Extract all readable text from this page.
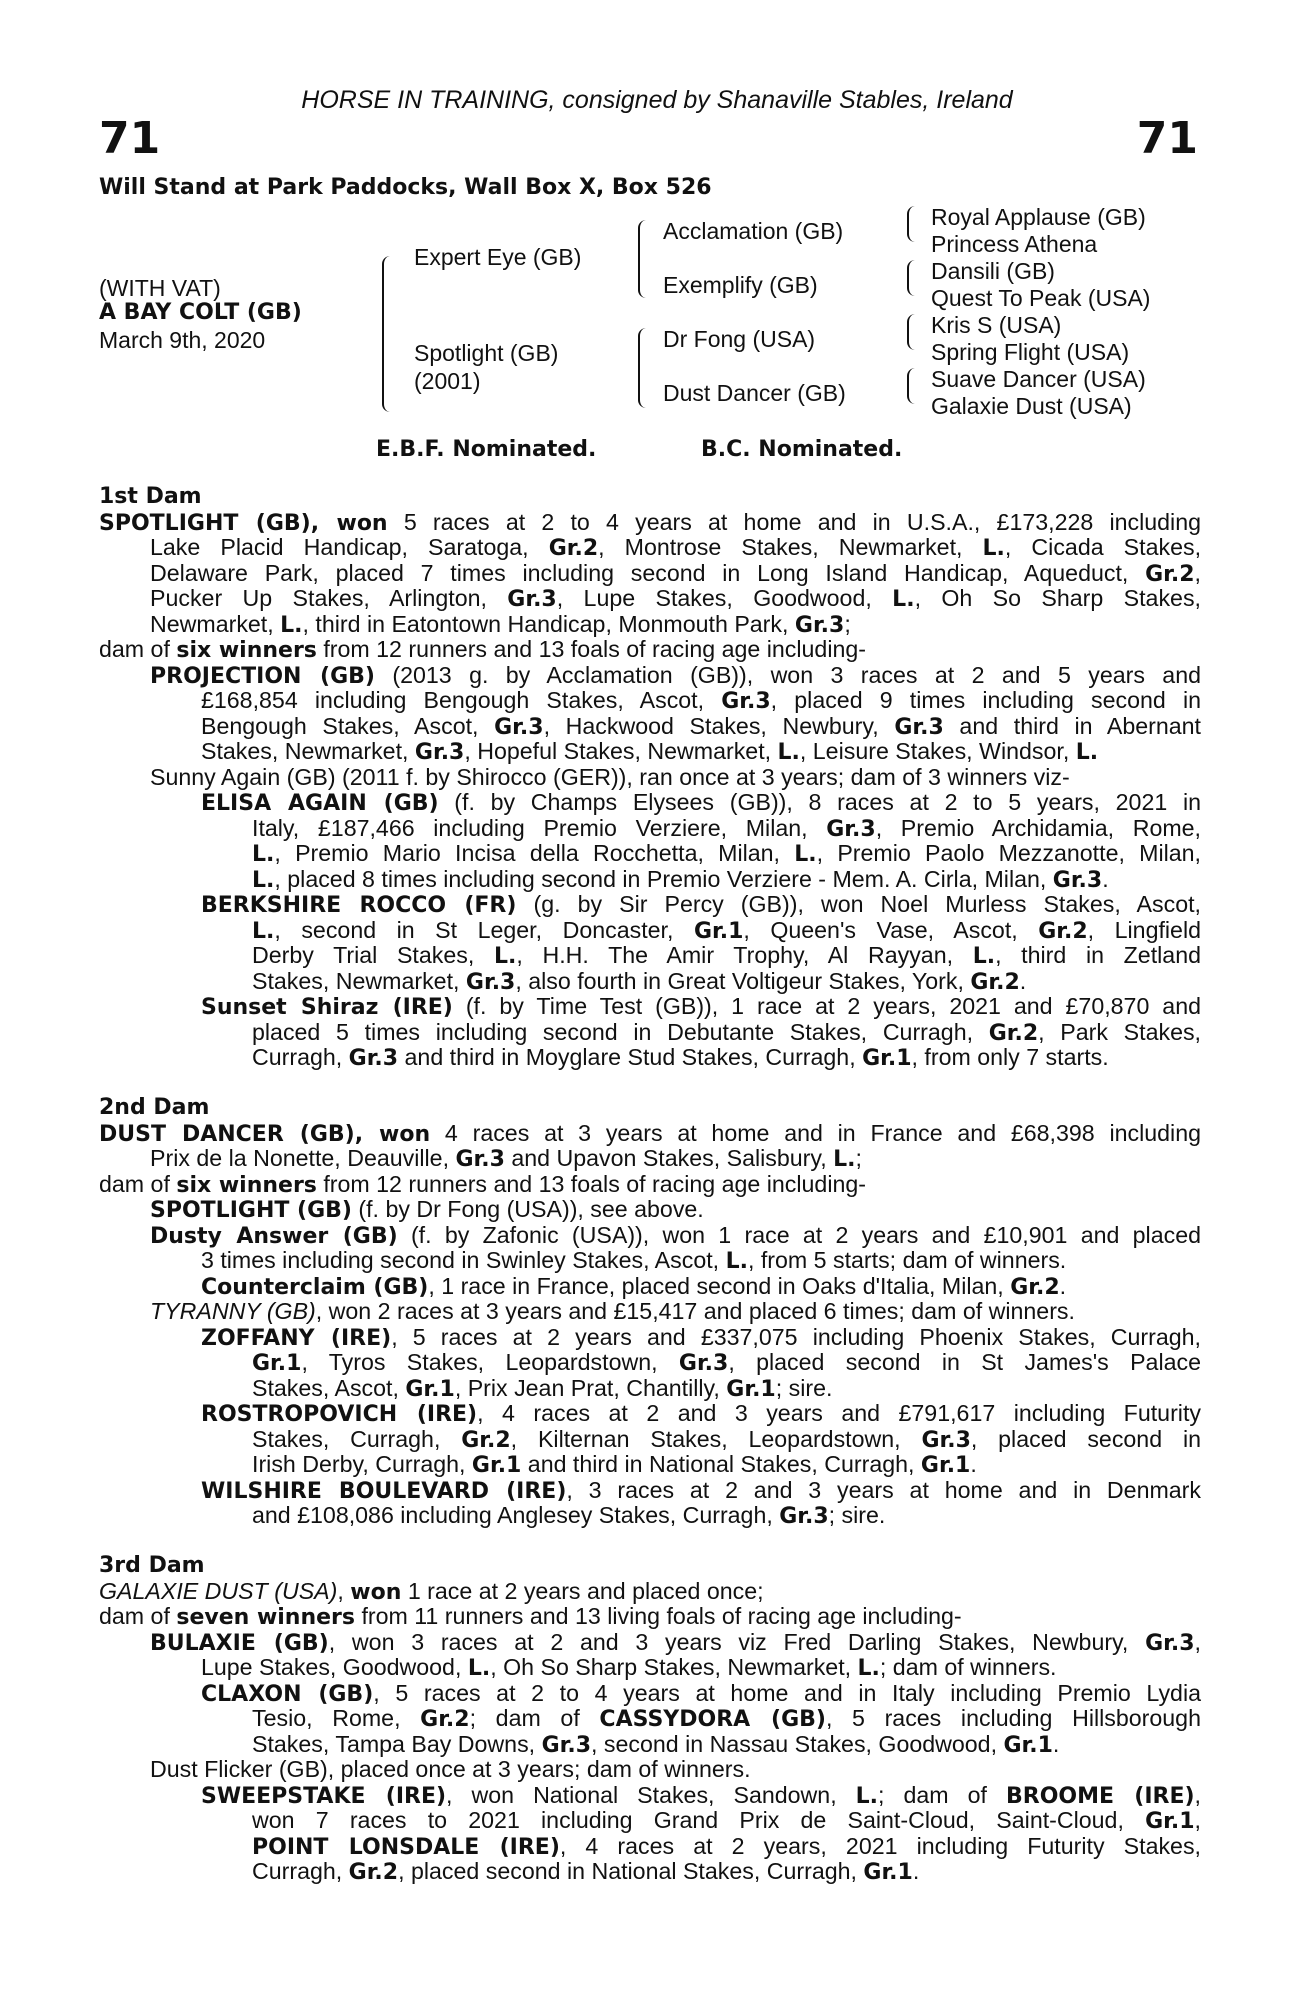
HORSE IN TRAINING, consigned by Shanaville Stables, Ireland
71	71
Will Stand at Park Paddocks, Wall Box X, Box 526
(WITH VAT)
A BAY COLT (GB)
March 9th, 2020
Expert Eye (GB)
Spotlight (GB)
(2001)
Acclamation (GB)
Exemplify (GB)
Dr Fong (USA)
Dust Dancer (GB)
Royal Applause (GB)
Princess Athena
Dansili (GB)
Quest To Peak (USA)
Kris S (USA)
Spring Flight (USA)
Suave Dancer (USA)
Galaxie Dust (USA)
E.B.F. Nominated.	B.C. Nominated.
1st Dam
SPOTLIGHT (GB), won 5 races at 2 to 4 years at home and in U.S.A., £173,228 including
Lake Placid Handicap, Saratoga, Gr.2, Montrose Stakes, Newmarket, L., Cicada Stakes,
Delaware Park, placed 7 times including second in Long Island Handicap, Aqueduct, Gr.2,
Pucker Up Stakes, Arlington, Gr.3, Lupe Stakes, Goodwood, L., Oh So Sharp Stakes,
Newmarket, L., third in Eatontown Handicap, Monmouth Park, Gr.3;
dam of six winners from 12 runners and 13 foals of racing age including-
PROJECTION (GB) (2013 g. by Acclamation (GB)), won 3 races at 2 and 5 years and
£168,854 including Bengough Stakes, Ascot, Gr.3, placed 9 times including second in
Bengough Stakes, Ascot, Gr.3, Hackwood Stakes, Newbury, Gr.3 and third in Abernant
Stakes, Newmarket, Gr.3, Hopeful Stakes, Newmarket, L., Leisure Stakes, Windsor, L.
Sunny Again (GB) (2011 f. by Shirocco (GER)), ran once at 3 years; dam of 3 winners viz-
ELISA AGAIN (GB) (f. by Champs Elysees (GB)), 8 races at 2 to 5 years, 2021 in
Italy, £187,466 including Premio Verziere, Milan, Gr.3, Premio Archidamia, Rome,
L., Premio Mario Incisa della Rocchetta, Milan, L., Premio Paolo Mezzanotte, Milan,
L., placed 8 times including second in Premio Verziere - Mem. A. Cirla, Milan, Gr.3.
BERKSHIRE ROCCO (FR) (g. by Sir Percy (GB)), won Noel Murless Stakes, Ascot,
L., second in St Leger, Doncaster, Gr.1, Queen's Vase, Ascot, Gr.2, Lingfield
Derby Trial Stakes, L., H.H. The Amir Trophy, Al Rayyan, L., third in Zetland
Stakes, Newmarket, Gr.3, also fourth in Great Voltigeur Stakes, York, Gr.2.
Sunset Shiraz (IRE) (f. by Time Test (GB)), 1 race at 2 years, 2021 and £70,870 and
placed 5 times including second in Debutante Stakes, Curragh, Gr.2, Park Stakes,
Curragh, Gr.3 and third in Moyglare Stud Stakes, Curragh, Gr.1, from only 7 starts.
2nd Dam
DUST DANCER (GB), won 4 races at 3 years at home and in France and £68,398 including
Prix de la Nonette, Deauville, Gr.3 and Upavon Stakes, Salisbury, L.;
dam of six winners from 12 runners and 13 foals of racing age including-
SPOTLIGHT (GB) (f. by Dr Fong (USA)), see above.
Dusty Answer (GB) (f. by Zafonic (USA)), won 1 race at 2 years and £10,901 and placed
3 times including second in Swinley Stakes, Ascot, L., from 5 starts; dam of winners.
Counterclaim (GB), 1 race in France, placed second in Oaks d'Italia, Milan, Gr.2.
TYRANNY (GB), won 2 races at 3 years and £15,417 and placed 6 times; dam of winners.
ZOFFANY (IRE), 5 races at 2 years and £337,075 including Phoenix Stakes, Curragh,
Gr.1, Tyros Stakes, Leopardstown, Gr.3, placed second in St James's Palace
Stakes, Ascot, Gr.1, Prix Jean Prat, Chantilly, Gr.1; sire.
ROSTROPOVICH (IRE), 4 races at 2 and 3 years and £791,617 including Futurity
Stakes, Curragh, Gr.2, Kilternan Stakes, Leopardstown, Gr.3, placed second in
Irish Derby, Curragh, Gr.1 and third in National Stakes, Curragh, Gr.1.
WILSHIRE BOULEVARD (IRE), 3 races at 2 and 3 years at home and in Denmark
and £108,086 including Anglesey Stakes, Curragh, Gr.3; sire.
3rd Dam
GALAXIE DUST (USA), won 1 race at 2 years and placed once;
dam of seven winners from 11 runners and 13 living foals of racing age including-
BULAXIE (GB), won 3 races at 2 and 3 years viz Fred Darling Stakes, Newbury, Gr.3,
Lupe Stakes, Goodwood, L., Oh So Sharp Stakes, Newmarket, L.; dam of winners.
CLAXON (GB), 5 races at 2 to 4 years at home and in Italy including Premio Lydia
Tesio, Rome, Gr.2; dam of CASSYDORA (GB), 5 races including Hillsborough
Stakes, Tampa Bay Downs, Gr.3, second in Nassau Stakes, Goodwood, Gr.1.
Dust Flicker (GB), placed once at 3 years; dam of winners.
SWEEPSTAKE (IRE), won National Stakes, Sandown, L.; dam of BROOME (IRE),
won 7 races to 2021 including Grand Prix de Saint-Cloud, Saint-Cloud, Gr.1,
POINT LONSDALE (IRE), 4 races at 2 years, 2021 including Futurity Stakes,
Curragh, Gr.2, placed second in National Stakes, Curragh, Gr.1.
